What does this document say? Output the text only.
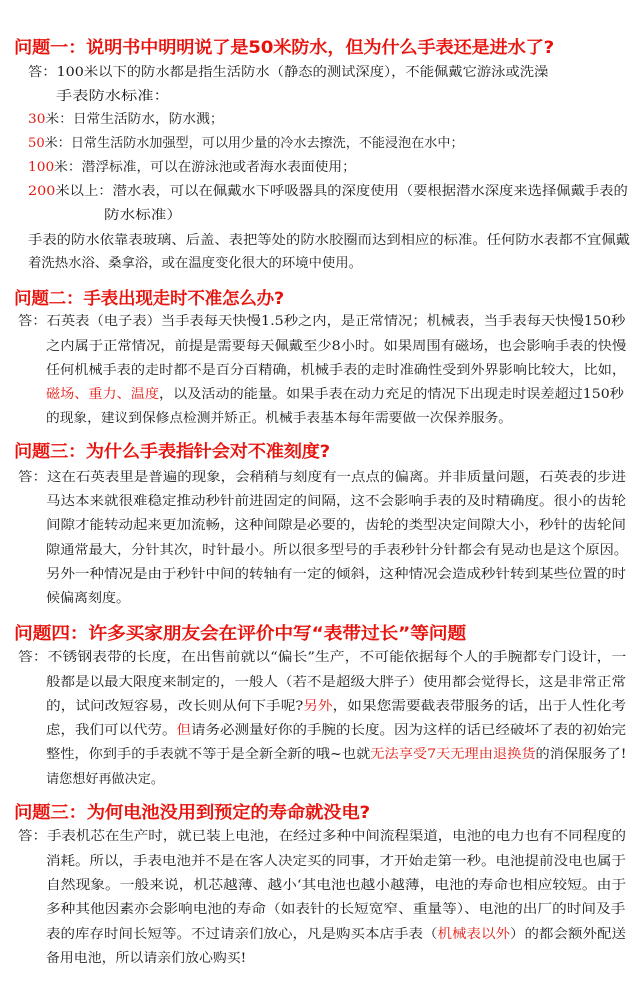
问题一：说明书中明明说了是50米防水，但为什么手表还是进水了?
答：100米以下的防水都是指生活防水（静态的测试深度），不能佩戴它游泳或洗澡
手表防水标准：
30米：日常生活防水，防水溅；
50米：日常生活防水加强型，可以用少量的冷水去擦洗，不能浸泡在水中；
100米：潜浮标准，可以在游泳池或者海水表面使用；
200米以上：潜水表，可以在佩戴水下呼吸器具的深度使用（要根据潜水深度来选择佩戴手表的
防水标准）
手表的防水依靠表玻璃、后盖、表把等处的防水胶圈而达到相应的标准。任何防水表都不宜佩戴
着洗热水浴、桑拿浴，或在温度变化很大的环境中使用。
问题二：手表出现走时不准怎么办?
答：石英表（电子表）当手表每天快慢1.5秒之内，是正常情况；机械表，当手表每天快慢150秒
之内属于正常情况，前提是需要每天佩戴至少8小时。如果周围有磁场，也会影响手表的快慢
任何机械手表的走时都不是百分百精确，机械手表的走时准确性受到外界影响比较大，比如，
磁场、重力、温度，以及活动的能量。如果手表在动力充足的情况下出现走时误差超过150秒
的现象，建议到保修点检测并矫正。机械手表基本每年需要做一次保养服务。
问题三：为什么手表指针会对不准刻度?
答：这在石英表里是普遍的现象，会稍稍与刻度有一点点的偏离。并非质量问题，石英表的步进
马达本来就很难稳定推动秒针前进固定的间隔，这不会影响手表的及时精确度。很小的齿轮
间隙才能转动起来更加流畅，这种间隙是必要的，齿轮的类型决定间隙大小，秒针的齿轮间
隙通常最大，分针其次，时针最小。所以很多型号的手表秒针分针都会有晃动也是这个原因。
另外一种情况是由于秒针中间的转轴有一定的倾斜，这种情况会造成秒针转到某些位置的时
候偏离刻度。
问题四：许多买家朋友会在评价中写“表带过长”等问题
答：不锈钢表带的长度，在出售前就以“偏长”生产，不可能依据每个人的手腕都专门设计，一
般都是以最大限度来制定的，一般人（若不是超级大胖子）使用都会觉得长，这是非常正常
的，试问改短容易，改长则从何下手呢?另外，如果您需要截表带服务的话，出于人性化考
虑，我们可以代劳。但请务必测量好你的手腕的长度。因为这样的话已经破坏了表的初始完
整性，你到手的手表就不等于是全新全新的哦~也就无法享受7天无理由退换货的消保服务了!
请您想好再做决定。
问题三：为何电池没用到预定的寿命就没电?
答：手表机芯在生产时，就已装上电池，在经过多种中间流程渠道，电池的电力也有不同程度的
消耗。所以，手表电池并不是在客人决定买的同事，才开始走第一秒。电池提前没电也属于
自然现象。一般来说，机芯越薄、越小‘其电池也越小越薄，电池的寿命也相应较短。由于
多种其他因素亦会影响电池的寿命（如表针的长短宽窄、重量等）、电池的出厂的时间及手
表的库存时间长短等。不过请亲们放心，凡是购买本店手表（机械表以外）的都会额外配送
备用电池，所以请亲们放心购买!
